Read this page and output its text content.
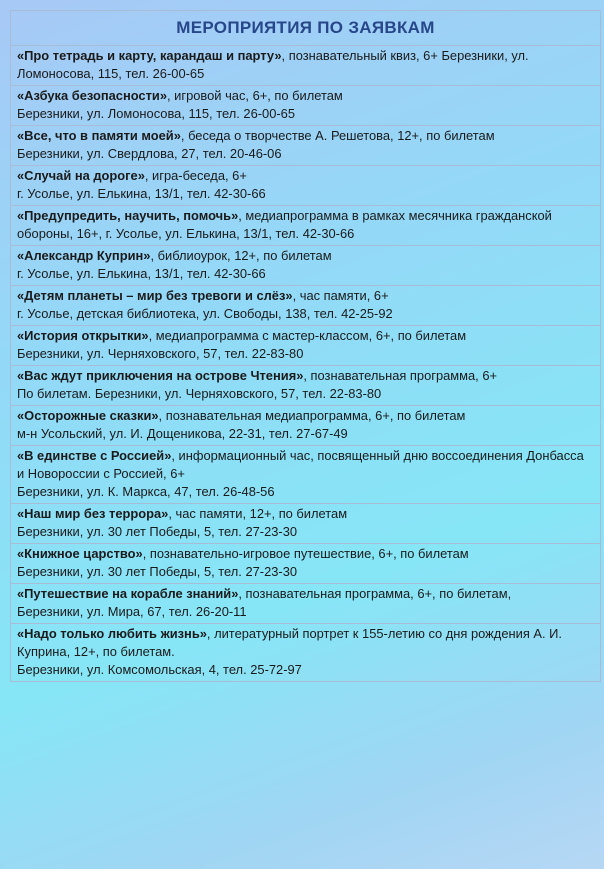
МЕРОПРИЯТИЯ ПО ЗАЯВКАМ
«Про тетрадь и карту, карандаш и парту», познавательный квиз, 6+ Березники, ул. Ломоносова, 115, тел. 26-00-65
«Азбука безопасности», игровой час, 6+, по билетам
Березники, ул. Ломоносова, 115, тел. 26-00-65
«Все, что в памяти моей», беседа о творчестве А. Решетова, 12+, по билетам
Березники, ул. Свердлова, 27, тел. 20-46-06
«Случай на дороге», игра-беседа, 6+
г. Усолье, ул. Елькина, 13/1, тел. 42-30-66
«Предупредить, научить, помочь», медиапрограмма в рамках месячника гражданской обороны, 16+, г. Усолье, ул. Елькина, 13/1, тел. 42-30-66
«Александр Куприн», библиоурок, 12+, по билетам
г. Усолье, ул. Елькина, 13/1, тел. 42-30-66
«Детям планеты – мир без тревоги и слёз», час памяти, 6+
г. Усолье, детская библиотека, ул. Свободы, 138, тел. 42-25-92
«История открытки», медиапрограмма с мастер-классом, 6+, по билетам
Березники, ул. Черняховского, 57, тел. 22-83-80
«Вас ждут приключения на острове Чтения», познавательная программа, 6+
По билетам. Березники, ул. Черняховского, 57, тел. 22-83-80
«Осторожные сказки», познавательная медиапрограмма, 6+, по билетам
м-н Усольский, ул. И. Дощеникова, 22-31, тел. 27-67-49
«В единстве с Россией», информационный час, посвященный дню воссоединения Донбасса и Новороссии с Россией, 6+
Березники, ул. К. Маркса, 47, тел. 26-48-56
«Наш мир без террора», час памяти, 12+, по билетам
Березники, ул. 30 лет Победы, 5, тел. 27-23-30
«Книжное царство», познавательно-игровое путешествие, 6+, по билетам
Березники, ул. 30 лет Победы, 5, тел. 27-23-30
«Путешествие на корабле знаний», познавательная программа, 6+, по билетам,
Березники, ул. Мира, 67, тел. 26-20-11
«Надо только любить жизнь», литературный портрет к 155-летию со дня рождения А. И. Куприна, 12+, по билетам.
Березники, ул. Комсомольская, 4, тел. 25-72-97
